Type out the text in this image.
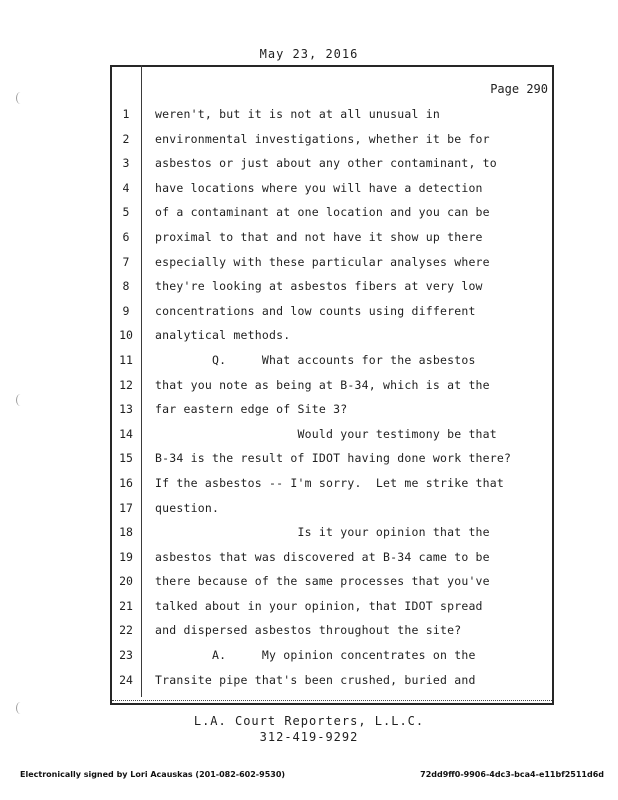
May 23, 2016
Page 290
1	weren't, but it is not at all unusual in
2	environmental investigations, whether it be for
3	asbestos or just about any other contaminant, to
4	have locations where you will have a detection
5	of a contaminant at one location and you can be
6	proximal to that and not have it show up there
7	especially with these particular analyses where
8	they're looking at asbestos fibers at very low
9	concentrations and low counts using different
10	analytical methods.
11	Q.     What accounts for the asbestos
12	that you note as being at B-34, which is at the
13	far eastern edge of Site 3?
14	Would your testimony be that
15	B-34 is the result of IDOT having done work there?
16	If the asbestos -- I'm sorry.  Let me strike that
17	question.
18	Is it your opinion that the
19	asbestos that was discovered at B-34 came to be
20	there because of the same processes that you've
21	talked about in your opinion, that IDOT spread
22	and dispersed asbestos throughout the site?
23	A.     My opinion concentrates on the
24	Transite pipe that's been crushed, buried and
L.A. Court Reporters, L.L.C.
312-419-9292
Electronically signed by Lori Acauskas (201-082-602-9530)	72dd9ff0-9906-4dc3-bca4-e11bf2511d6d
